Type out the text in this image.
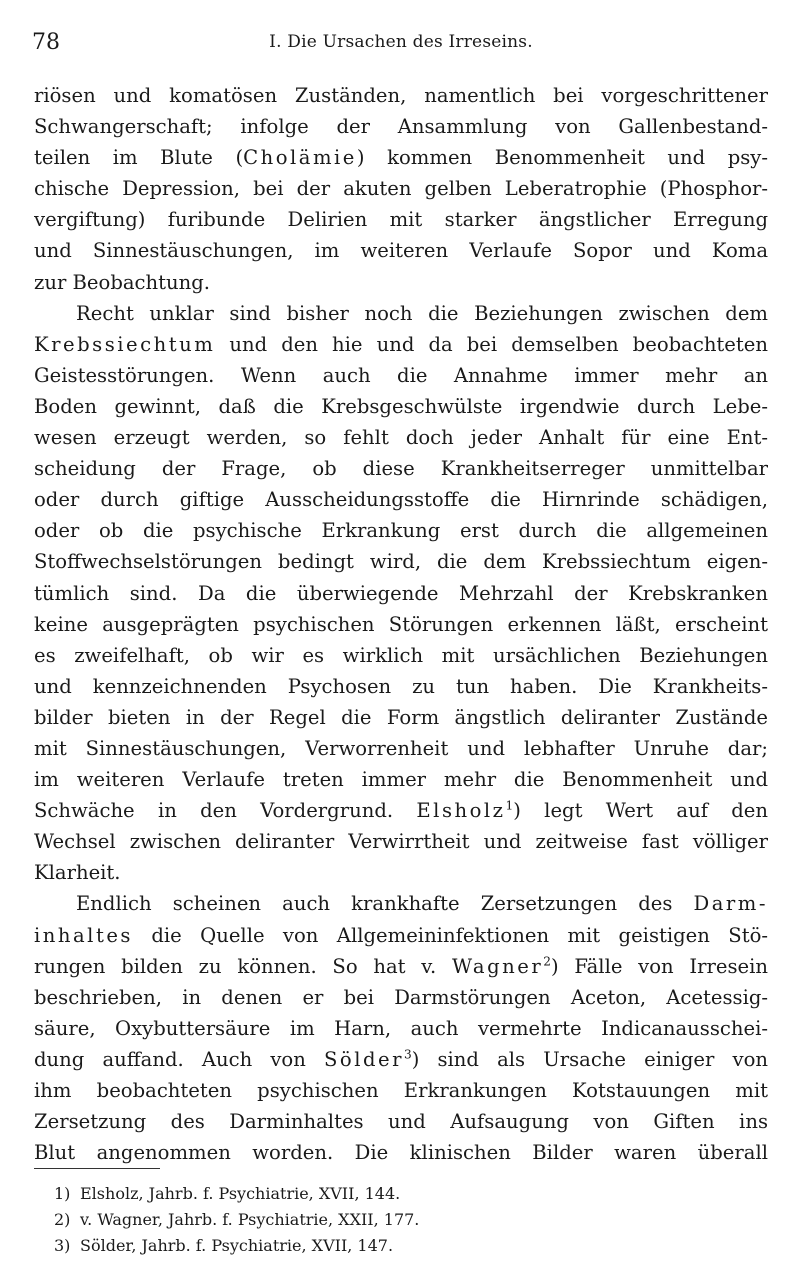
78	I. Die Ursachen des Irreseins.
riösen und komatösen Zuständen, namentlich bei vorgeschrittener
Schwangerschaft; infolge der Ansammlung von Gallenbestand-
teilen im Blute (Cholämie) kommen Benommenheit und psy-
chische Depression, bei der akuten gelben Leberatrophie (Phosphor-
vergiftung) furibunde Delirien mit starker ängstlicher Erregung
und Sinnestäuschungen, im weiteren Verlaufe Sopor und Koma
zur Beobachtung.
Recht unklar sind bisher noch die Beziehungen zwischen dem
Krebssiechtum und den hie und da bei demselben beobachteten
Geistesstörungen. Wenn auch die Annahme immer mehr an
Boden gewinnt, daß die Krebsgeschwülste irgendwie durch Lebe-
wesen erzeugt werden, so fehlt doch jeder Anhalt für eine Ent-
scheidung der Frage, ob diese Krankheitserreger unmittelbar
oder durch giftige Ausscheidungsstoffe die Hirnrinde schädigen,
oder ob die psychische Erkrankung erst durch die allgemeinen
Stoffwechselstörungen bedingt wird, die dem Krebssiechtum eigen-
tümlich sind. Da die überwiegende Mehrzahl der Krebskranken
keine ausgeprägten psychischen Störungen erkennen läßt, erscheint
es zweifelhaft, ob wir es wirklich mit ursächlichen Beziehungen
und kennzeichnenden Psychosen zu tun haben. Die Krankheits-
bilder bieten in der Regel die Form ängstlich deliranter Zustände
mit Sinnestäuschungen, Verworrenheit und lebhafter Unruhe dar;
im weiteren Verlaufe treten immer mehr die Benommenheit und
Schwäche in den Vordergrund. Elsholz$^1$) legt Wert auf den
Wechsel zwischen deliranter Verwirrtheit und zeitweise fast völliger
Klarheit.
Endlich scheinen auch krankhafte Zersetzungen des Darm-
inhaltes die Quelle von Allgemeininfektionen mit geistigen Stö-
rungen bilden zu können. So hat v. Wagner$^2$) Fälle von Irresein
beschrieben, in denen er bei Darmstörungen Aceton, Acetessig-
säure, Oxybuttersäure im Harn, auch vermehrte Indicanausschei-
dung auffand. Auch von Sölder$^3$) sind als Ursache einiger von
ihm beobachteten psychischen Erkrankungen Kotstauungen mit
Zersetzung des Darminhaltes und Aufsaugung von Giften ins
Blut angenommen worden. Die klinischen Bilder waren überall
1) Elsholz, Jahrb. f. Psychiatrie, XVII, 144.
2) v. Wagner, Jahrb. f. Psychiatrie, XXII, 177.
3) Sölder, Jahrb. f. Psychiatrie, XVII, 147.
